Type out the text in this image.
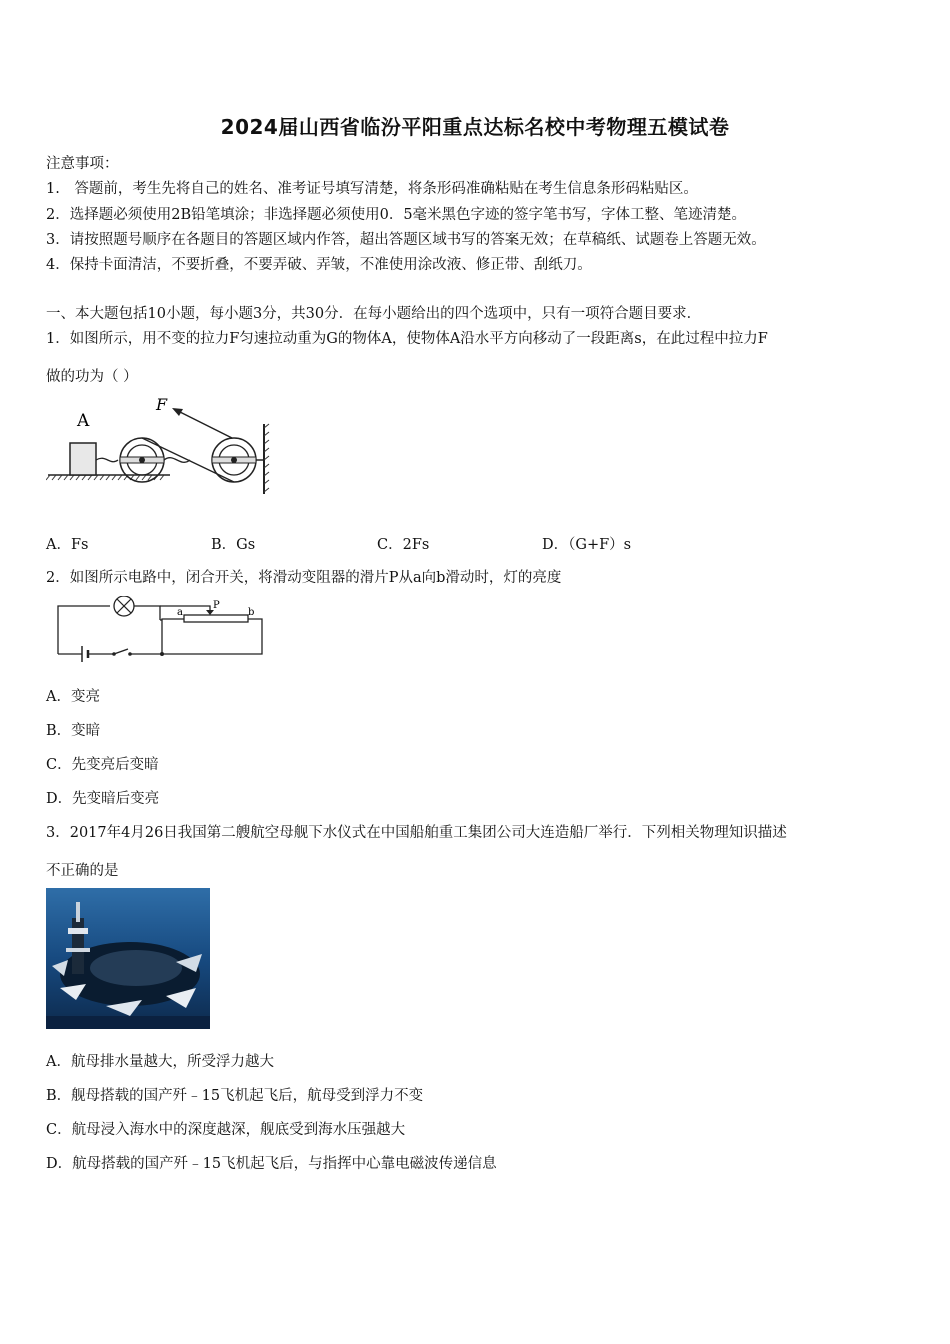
2024届山西省临汾平阳重点达标名校中考物理五模试卷
注意事项：
1.　答题前，考生先将自己的姓名、准考证号填写清楚，将条形码准确粘贴在考生信息条形码粘贴区。
2．选择题必须使用2B铅笔填涂；非选择题必须使用0．5毫米黑色字迹的签字笔书写，字体工整、笔迹清楚。
3．请按照题号顺序在各题目的答题区域内作答，超出答题区域书写的答案无效；在草稿纸、试题卷上答题无效。
4．保持卡面清洁，不要折叠，不要弄破、弄皱，不准使用涂改液、修正带、刮纸刀。
一、本大题包括10小题，每小题3分，共30分．在每小题给出的四个选项中，只有一项符合题目要求．
1．如图所示，用不变的拉力F匀速拉动重为G的物体A，使物体A沿水平方向移动了一段距离s，在此过程中拉力F
做的功为（ ）
A
F
A．Fs	B．Gs	C．2Fs	D．（G+F）s
2．如图所示电路中，闭合开关，将滑动变阻器的滑片P从a向b滑动时，灯的亮度
P
a	b
A．变亮
B．变暗
C．先变亮后变暗
D．先变暗后变亮
3．2017年4月26日我国第二艘航空母舰下水仪式在中国船舶重工集团公司大连造船厂举行．下列相关物理知识描述
不正确的是
A．航母排水量越大，所受浮力越大
B．舰母搭载的国产歼﹣15飞机起飞后，航母受到浮力不变
C．航母浸入海水中的深度越深，舰底受到海水压强越大
D．航母搭载的国产歼﹣15飞机起飞后，与指挥中心靠电磁波传递信息
